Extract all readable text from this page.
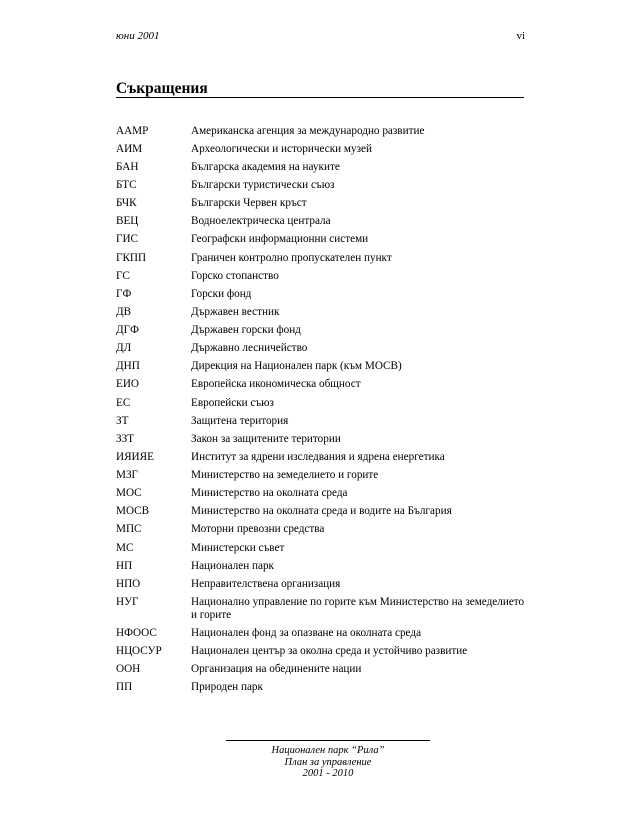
юни 2001	vi
Съкращения
AAMP	Американска агенция за международно развитие
АИМ	Археологически и исторически музей
БАН	Българска академия на науките
БТС	Български туристически съюз
БЧК	Български Червен кръст
ВЕЦ	Водноелектрическа централа
ГИС	Географски информационни системи
ГКПП	Граничен контролно пропускателен пункт
ГС	Горско стопанство
ГФ	Горски фонд
ДВ	Държавен вестник
ДГФ	Държавен горски фонд
ДЛ	Държавно лесничейство
ДНП	Дирекция на Национален парк (към МОСВ)
ЕИО	Европейска икономическа общност
ЕС	Европейски съюз
ЗТ	Защитена територия
ЗЗТ	Закон за защитените територии
ИЯИЯЕ	Институт за ядрени изследвания и ядрена енергетика
МЗГ	Министерство на земеделието и горите
МОС	Министерство на околната среда
МОСВ	Министерство на околната среда и водите на България
МПС	Моторни превозни средства
МС	Министерски съвет
НП	Национален парк
НПО	Неправителствена организация
НУГ	Национално управление по горите към Министерство на земеделието и горите
НФООС	Национален фонд за опазване на околната среда
НЦОСУР	Национален център за околна среда и устойчиво развитие
ООН	Организация на обединените нации
ПП	Природен парк
Национален парк “Рила”
План за управление
2001 - 2010
